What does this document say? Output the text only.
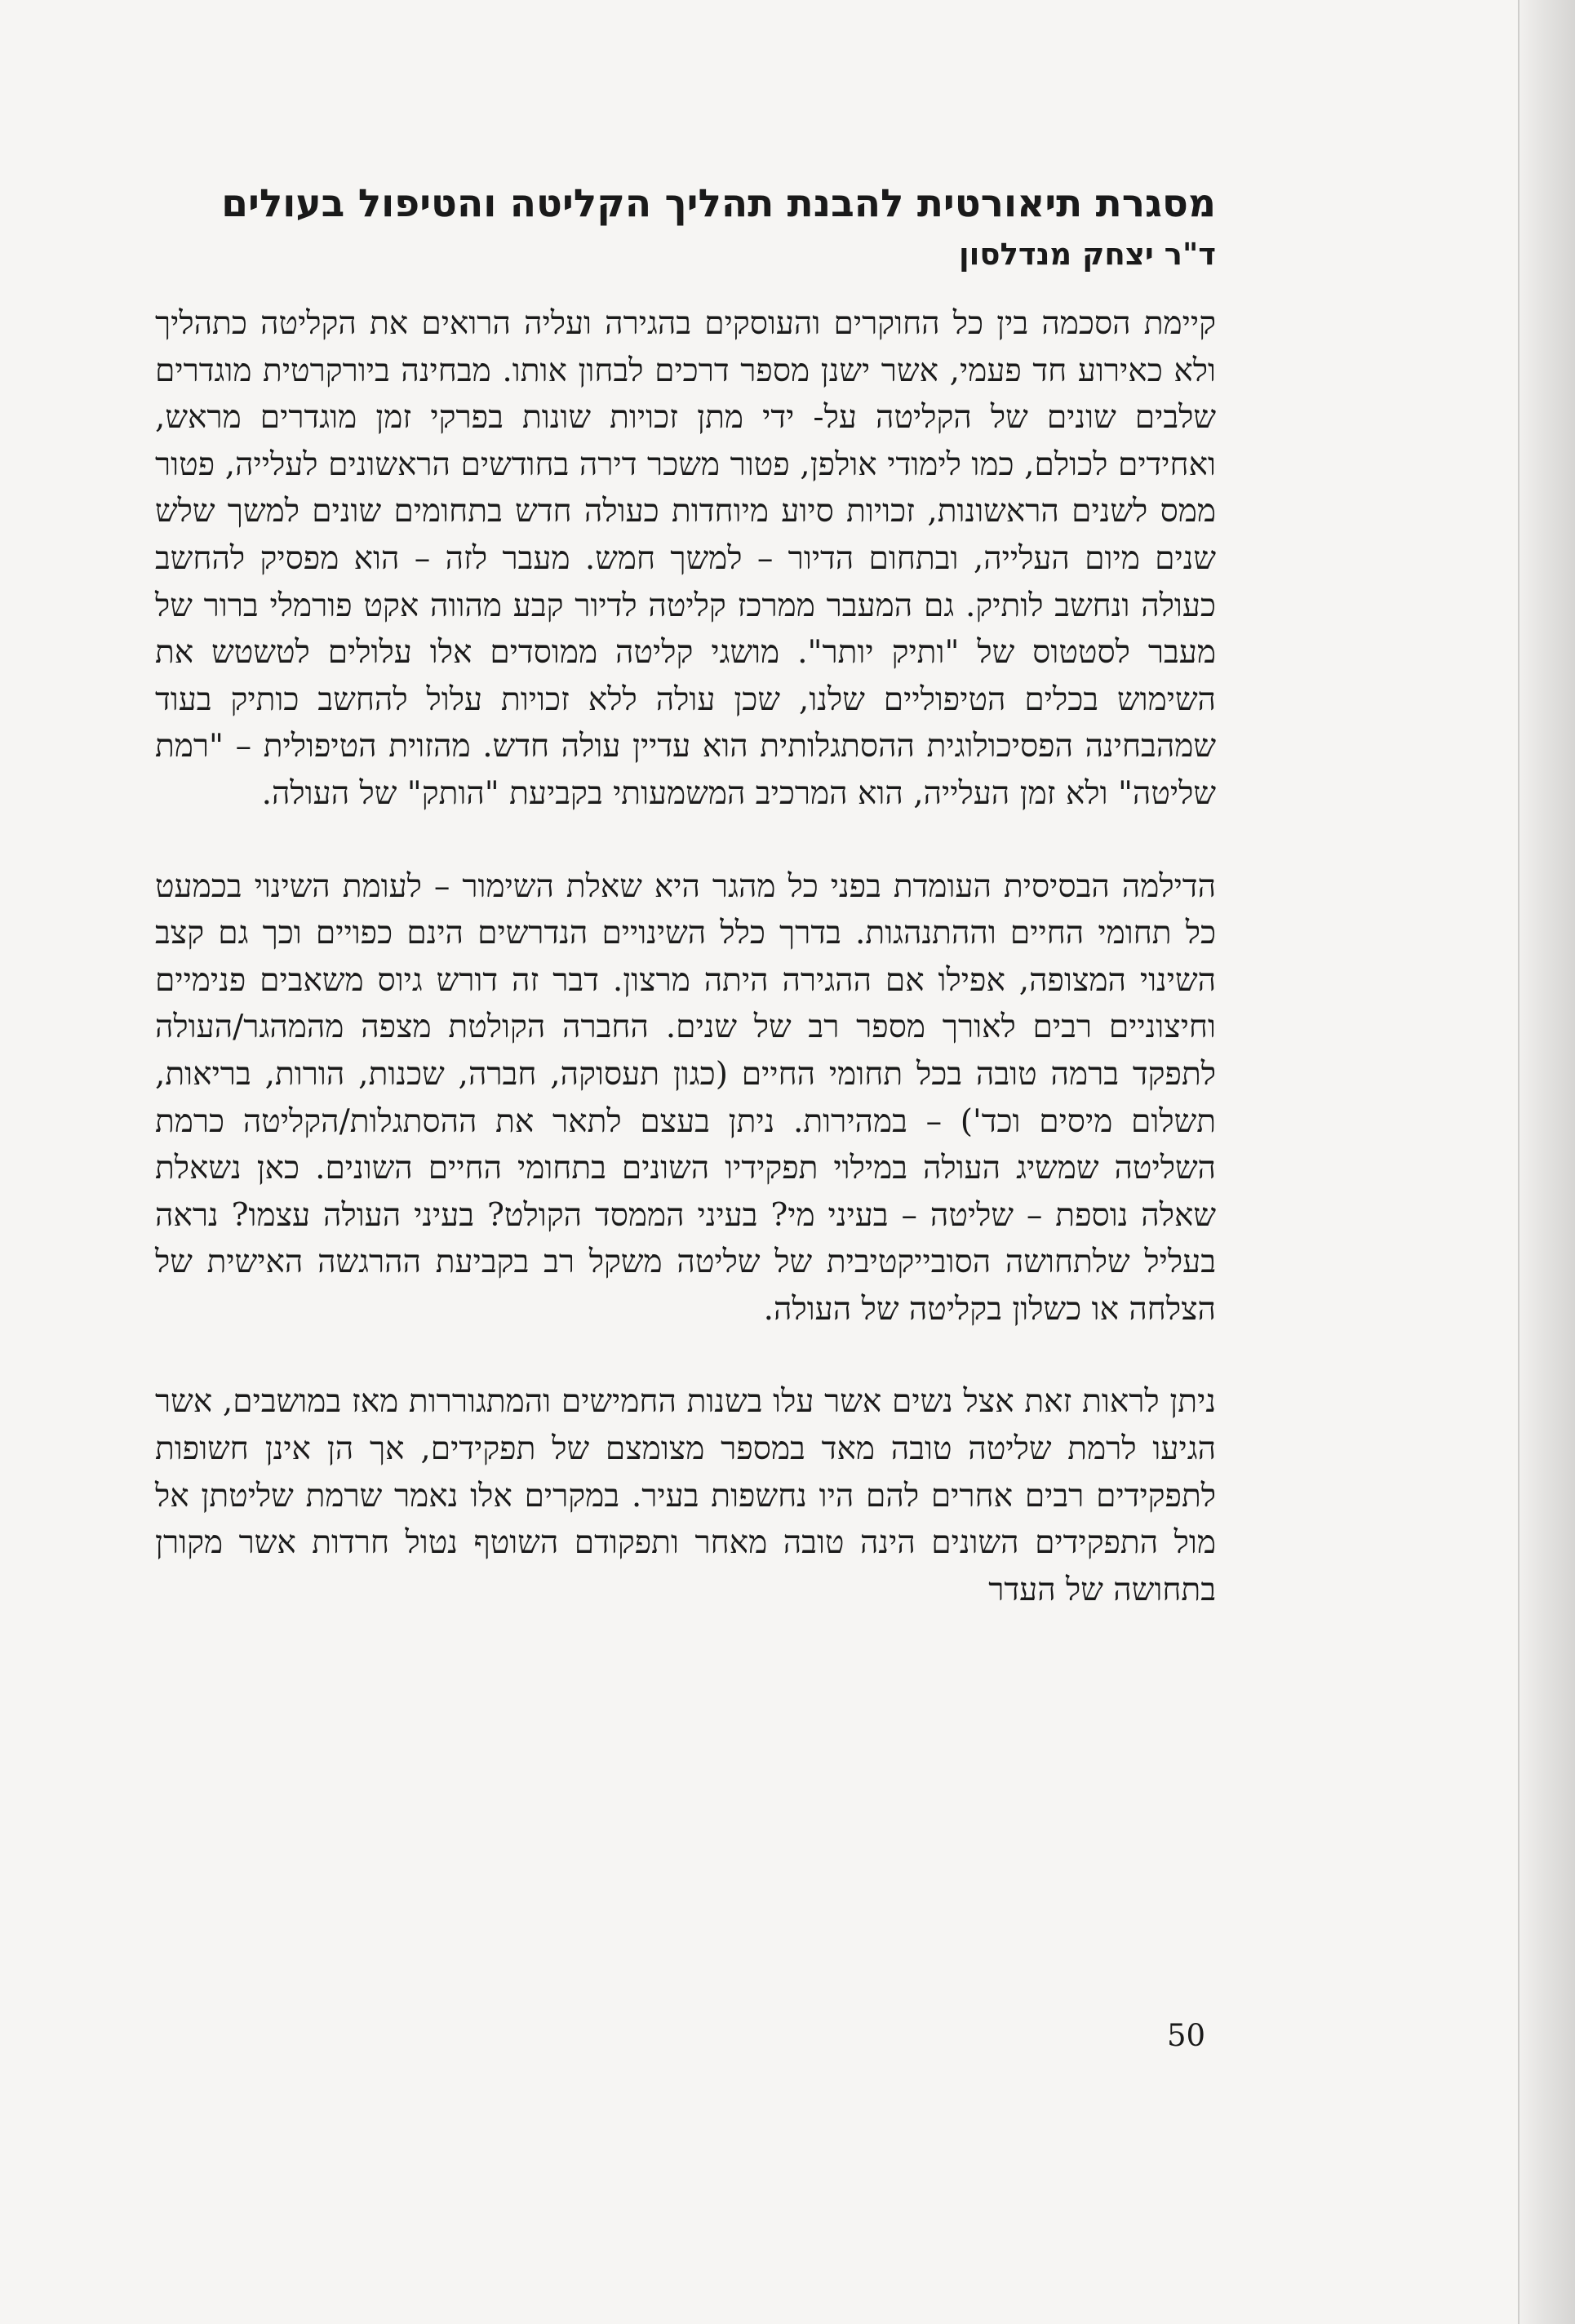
מסגרת תיאורטית להבנת תהליך הקליטה והטיפול בעולים
ד"ר יצחק מנדלסון

קיימת הסכמה בין כל החוקרים והעוסקים בהגירה ועליה הרואים את הקליטה כתהליך ולא כאירוע חד פעמי, אשר ישנן מספר דרכים לבחון אותו. מבחינה ביורקרטית מוגדרים שלבים שונים של הקליטה על- ידי מתן זכויות שונות בפרקי זמן מוגדרים מראש, ואחידים לכולם, כמו לימודי אולפן, פטור משכר דירה בחודשים הראשונים לעלייה, פטור ממס לשנים הראשונות, זכויות סיוע מיוחדות כעולה חדש בתחומים שונים למשך שלש שנים מיום העלייה, ובתחום הדיור – למשך חמש. מעבר לזה – הוא מפסיק להחשב כעולה ונחשב לותיק. גם המעבר ממרכז קליטה לדיור קבע מהווה אקט פורמלי ברור של מעבר לסטטוס של "ותיק יותר". מושגי קליטה ממוסדים אלו עלולים לטשטש את השימוש בכלים הטיפוליים שלנו, שכן עולה ללא זכויות עלול להחשב כותיק בעוד שמהבחינה הפסיכולוגית ההסתגלותית הוא עדיין עולה חדש. מהזוית הטיפולית – "רמת שליטה" ולא זמן העלייה, הוא המרכיב המשמעותי בקביעת "הותק" של העולה.

הדילמה הבסיסית העומדת בפני כל מהגר היא שאלת השימור – לעומת השינוי בכמעט כל תחומי החיים וההתנהגות. בדרך כלל השינויים הנדרשים הינם כפויים וכך גם קצב השינוי המצופה, אפילו אם ההגירה היתה מרצון. דבר זה דורש גיוס משאבים פנימיים וחיצוניים רבים לאורך מספר רב של שנים. החברה הקולטת מצפה מהמהגר/העולה לתפקד ברמה טובה בכל תחומי החיים (כגון תעסוקה, חברה, שכנות, הורות, בריאות, תשלום מיסים וכד') – במהירות. ניתן בעצם לתאר את ההסתגלות/הקליטה כרמת השליטה שמשיג העולה במילוי תפקידיו השונים בתחומי החיים השונים. כאן נשאלת שאלה נוספת – שליטה – בעיני מי? בעיני הממסד הקולט? בעיני העולה עצמו? נראה בעליל שלתחושה הסובייקטיבית של שליטה משקל רב בקביעת ההרגשה האישית של הצלחה או כשלון בקליטה של העולה.

ניתן לראות זאת אצל נשים אשר עלו בשנות החמישים והמתגוררות מאז במושבים, אשר הגיעו לרמת שליטה טובה מאד במספר מצומצם של תפקידים, אך הן אינן חשופות לתפקידים רבים אחרים להם היו נחשפות בעיר. במקרים אלו נאמר שרמת שליטתן אל מול התפקידים השונים הינה טובה מאחר ותפקודם השוטף נטול חרדות אשר מקורן בתחושה של העדר

50
